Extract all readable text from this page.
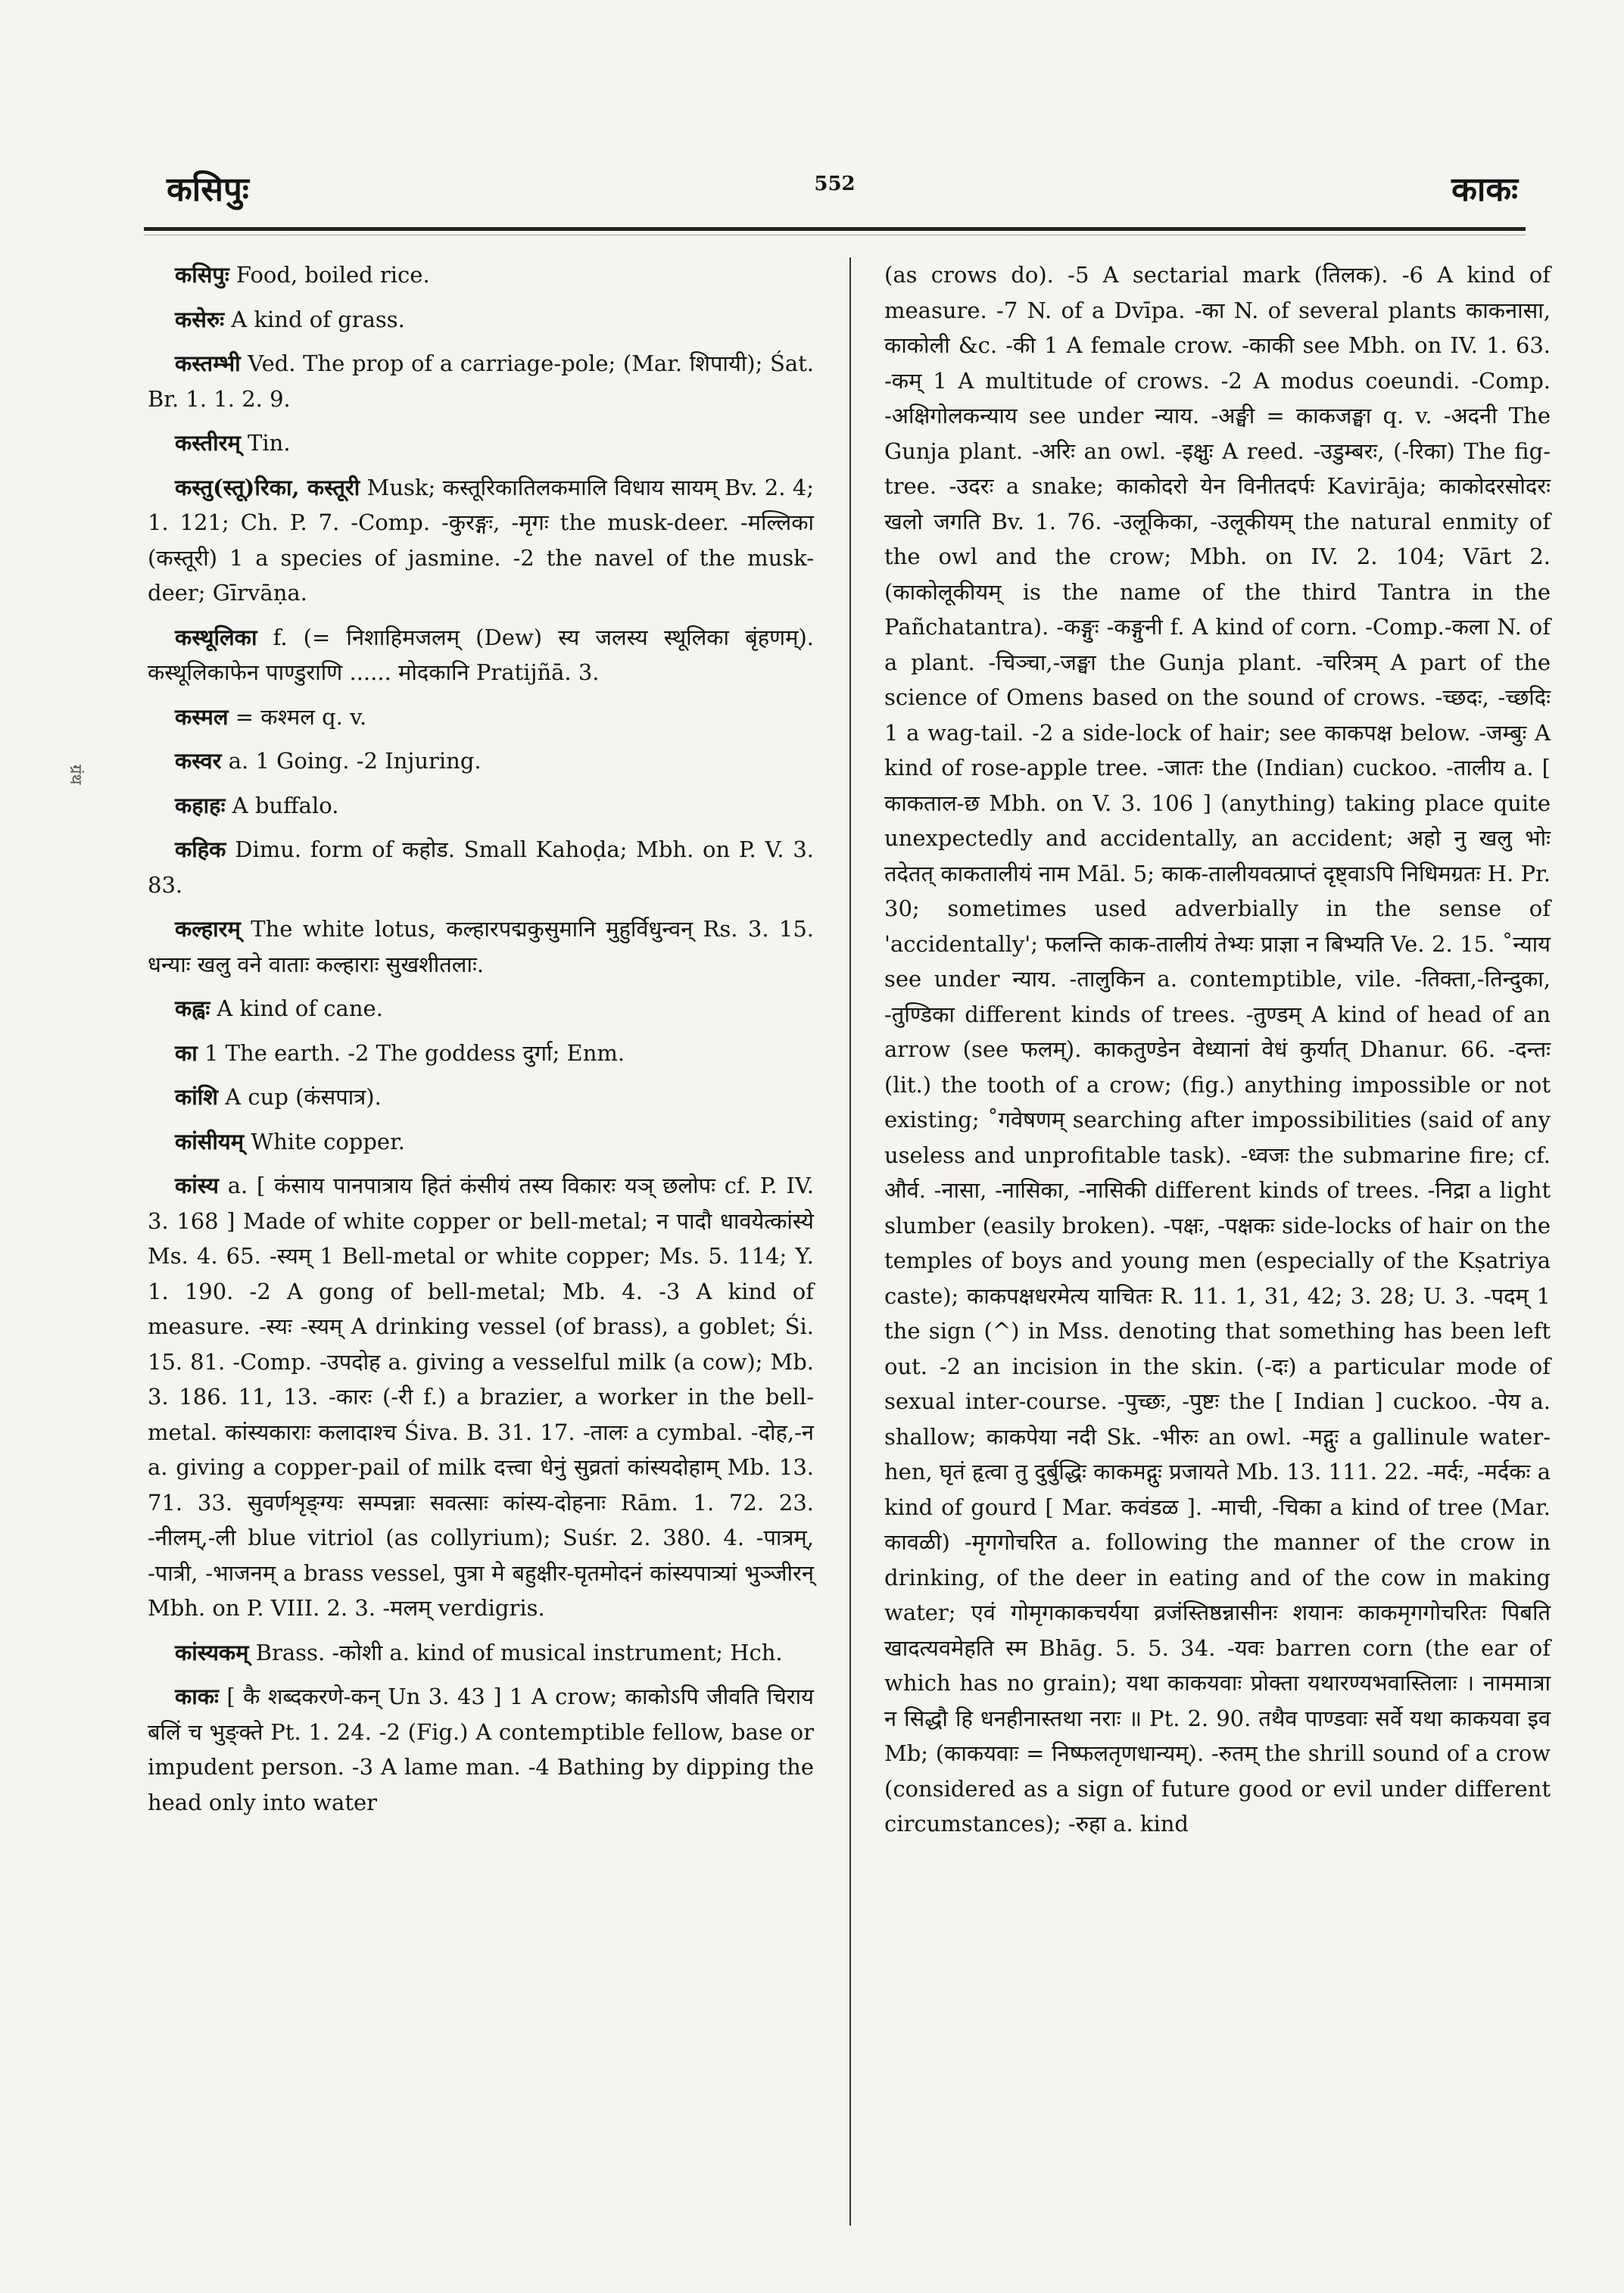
कसिपुः	552	काकः
ग्रंथ

कसिपुः Food, boiled rice.

कसेरुः A kind of grass.

कस्तम्भी Ved. The prop of a carriage-pole; (Mar. शिपायी); Śat. Br. 1. 1. 2. 9.

कस्तीरम् Tin.

कस्तु(स्तू)रिका, कस्तूरी Musk; कस्तूरिकातिलकमालि विधाय सायम् Bv. 2. 4; 1. 121; Ch. P. 7. -Comp. -कुरङ्गः, -मृगः the musk-deer. -मल्लिका (कस्तूरी) 1 a species of jasmine. -2 the navel of the musk-deer; Gīrvāṇa.

कस्थूलिका f. (= निशाहिमजलम् (Dew) स्य जलस्य स्थूलिका बृंहणम्). कस्थूलिकाफेन पाण्डुराणि ...... मोदकानि Pratijñā. 3.

कस्मल = कश्मल q. v.

कस्वर a. 1 Going. -2 Injuring.

कहाहः A buffalo.

कहिक Dimu. form of कहोड. Small Kahoḍa; Mbh. on P. V. 3. 83.

कल्हारम् The white lotus, कल्हारपद्मकुसुमानि मुहुर्विधुन्वन् Rs. 3. 15. धन्याः खलु वने वाताः कल्हाराः सुखशीतलाः.

कह्वः A kind of cane.

का 1 The earth. -2 The goddess दुर्गा; Enm.

कांशि A cup (कंसपात्र).

कांसीयम् White copper.

कांस्य a. [ कंसाय पानपात्राय हितं कंसीयं तस्य विकारः यञ् छलोपः cf. P. IV. 3. 168 ] Made of white copper or bell-metal; न पादौ धावयेत्कांस्ये Ms. 4. 65. -स्यम् 1 Bell-metal or white copper; Ms. 5. 114; Y. 1. 190. -2 A gong of bell-metal; Mb. 4. -3 A kind of measure. -स्यः -स्यम् A drinking vessel (of brass), a goblet; Śi. 15. 81. -Comp. -उपदोह a. giving a vesselful milk (a cow); Mb. 3. 186. 11, 13. -कारः (-री f.) a brazier, a worker in the bell-metal. कांस्यकाराः कलादाश्च Śiva. B. 31. 17. -तालः a cymbal. -दोह,-न a. giving a copper-pail of milk दत्त्वा धेनुं सुव्रतां कांस्यदोहाम् Mb. 13. 71. 33. सुवर्णशृङ्ग्यः सम्पन्नाः सवत्साः कांस्य-दोहनाः Rām. 1. 72. 23. -नीलम्,-ली blue vitriol (as collyrium); Suśr. 2. 380. 4. -पात्रम्, -पात्री, -भाजनम् a brass vessel, पुत्रा मे बहुक्षीर-घृतमोदनं कांस्यपात्र्यां भुञ्जीरन् Mbh. on P. VIII. 2. 3. -मलम् verdigris.

कांस्यकम् Brass. -कोशी a. kind of musical instrument; Hch.

काकः [ कै शब्दकरणे-कन् Un 3. 43 ] 1 A crow; काकोऽपि जीवति चिराय बलिं च भुङ्क्ते Pt. 1. 24. -2 (Fig.) A contemptible fellow, base or impudent person. -3 A lame man. -4 Bathing by dipping the head only into water

(as crows do). -5 A sectarial mark (तिलक). -6 A kind of measure. -7 N. of a Dvīpa. -का N. of several plants काकनासा, काकोली &c. -की 1 A female crow. -काकी see Mbh. on IV. 1. 63. -कम् 1 A multitude of crows. -2 A modus coeundi. -Comp. -अक्षिगोलकन्याय see under न्याय. -अङ्घी = काकजङ्घा q. v. -अदनी The Gunja plant. -अरिः an owl. -इक्षुः A reed. -उडुम्बरः, (-रिका) The fig-tree. -उदरः a snake; काकोदरो येन विनीतदर्पः Kavirāja; काकोदरसोदरः खलो जगति Bv. 1. 76. -उलूकिका, -उलूकीयम् the natural enmity of the owl and the crow; Mbh. on IV. 2. 104; Vārt 2. (काकोलूकीयम् is the name of the third Tantra in the Pañchatantra). -कङ्गुः -कङ्गुनी f. A kind of corn. -Comp.-कला N. of a plant. -चिञ्चा,-जङ्घा the Gunja plant. -चरित्रम् A part of the science of Omens based on the sound of crows. -च्छदः, -च्छदिः 1 a wag-tail. -2 a side-lock of hair; see काकपक्ष below. -जम्बुः A kind of rose-apple tree. -जातः the (Indian) cuckoo. -तालीय a. [ काकताल-छ Mbh. on V. 3. 106 ] (anything) taking place quite unexpectedly and accidentally, an accident; अहो नु खलु भोः तदेतत् काकतालीयं नाम Māl. 5; काक-तालीयवत्प्राप्तं दृष्ट्वाऽपि निधिमग्रतः H. Pr. 30; sometimes used adverbially in the sense of 'accidentally'; फलन्ति काक-तालीयं तेभ्यः प्राज्ञा न बिभ्यति Ve. 2. 15. ˚न्याय see under न्याय. -तालुकिन a. contemptible, vile. -तिक्ता,-तिन्दुका, -तुण्डिका different kinds of trees. -तुण्डम् A kind of head of an arrow (see फलम्). काकतुण्डेन वेध्यानां वेधं कुर्यात् Dhanur. 66. -दन्तः (lit.) the tooth of a crow; (fig.) anything impossible or not existing; ˚गवेषणम् searching after impossibilities (said of any useless and unprofitable task). -ध्वजः the submarine fire; cf. और्व. -नासा, -नासिका, -नासिकी different kinds of trees. -निद्रा a light slumber (easily broken). -पक्षः, -पक्षकः side-locks of hair on the temples of boys and young men (especially of the Kṣatriya caste); काकपक्षधरमेत्य याचितः R. 11. 1, 31, 42; 3. 28; U. 3. -पदम् 1 the sign (^) in Mss. denoting that something has been left out. -2 an incision in the skin. (-दः) a particular mode of sexual inter-course. -पुच्छः, -पुष्टः the [ Indian ] cuckoo. -पेय a. shallow; काकपेया नदी Sk. -भीरुः an owl. -मद्गुः a gallinule water-hen, घृतं हृत्वा तु दुर्बुद्धिः काकमद्गुः प्रजायते Mb. 13. 111. 22. -मर्दः, -मर्दकः a kind of gourd [ Mar. कवंडळ ]. -माची, -चिका a kind of tree (Mar. कावळी) -मृगगोचरित a. following the manner of the crow in drinking, of the deer in eating and of the cow in making water; एवं गोमृगकाकचर्यया व्रजंस्तिष्ठन्नासीनः शयानः काकमृगगोचरितः पिबति खादत्यवमेहति स्म Bhāg. 5. 5. 34. -यवः barren corn (the ear of which has no grain); यथा काकयवाः प्रोक्ता यथारण्यभवास्तिलाः । नाममात्रा न सिद्धौ हि धनहीनास्तथा नराः ॥ Pt. 2. 90. तथैव पाण्डवाः सर्वे यथा काकयवा इव Mb; (काकयवाः = निष्फलतृणधान्यम्). -रुतम् the shrill sound of a crow (considered as a sign of future good or evil under different circumstances); -रुहा a. kind
